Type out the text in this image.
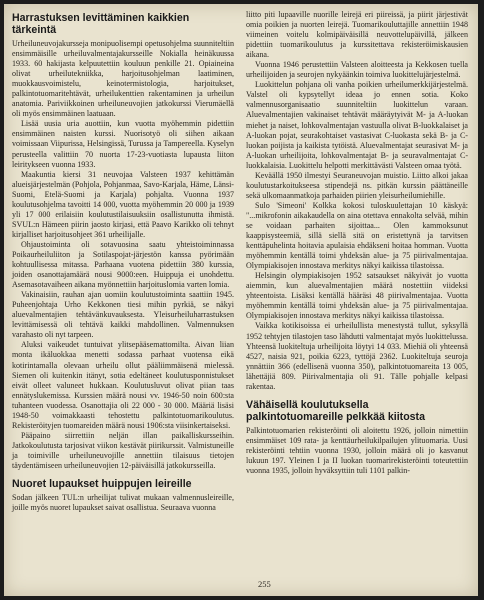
Harrastuksen levittäminen kaikkien tärkeintä

Urheiluneuvojakursseja monipuolisempi opetusohjelma suunniteltiin ensimmäisille urheiluvalmentajakursseille Nokialla heinäkuussa 1933. 60 hakijasta kelpuutettiin kouluun penkille 21. Opiaineina olivat urheilutekniikka, harjoitusohjelman laatiminen, muokkausvoimistelu, keinotermistologia, harjoitukset, palkintotuomaritehtävät, urheilukenttien rakentaminen ja urheilun anatomia. Pariviikkoinen urheiluneuvojien jatkokurssi Vierumäellä oli myös ensimmäinen laatuaan.

Lisää uusia uria auottiin, kun vuotta myöhemmin pidettiin ensimmäinen naisten kurssi. Nuorisotyö oli siihen aikaan voimissaan Viipurissa, Helsingissä, Turussa ja Tampereella. Kyselyn perusteella valittiin 70 nuorta 17-23-vuotiasta lupausta liiton leiritykseen vuonna 1933.

Maakuntia kiersi 31 neuvojaa Valsteen 1937 kehittämän alueisjärjestelmän (Pohjola, Pohjanmaa, Savo-Karjala, Häme, Länsi-Suomi, Etelä-Suomi ja Karjala) pohjalta. Vuonna 1937 koulutusohjelma tavoitti 14 000, vuotta myöhemmin 20 000 ja 1939 yli 17 000 erilaisiin koulutustilaisuuksiin osallistunutta ihmistä. SVUL:n Hämeen piirin jaosto kirjasi, että Paavo Karikko oli tehnyt kirjalliset harjoitusohjeet 361 urheilijalle.

Ohjaustoiminta oli sotavuosina saatu yhteistoiminnassa Poikaurheiluliiton ja Sotilaspojat-järjestön kanssa pyörimään kohtuullisessa mitassa. Parhaana vuotena pidettiin 380 kurssia, joiden osanottajamäärä nousi 9000:een. Huippuja ei unohdettu. Asemasotavaiheen aikana myönnettiin harjoituslomia varten lomia.

Vakinaisiin, rauhan ajan uomiin koulutustoiminta saattiin 1945. Puheenjohtaja Urho Kekkonen tiesi mihin pyrkiä, se näkyi aluevalmentajien tehtävänkuvauksesta. Yleisurheiluharrastuksen levittämisessä oli tehtävä kaikki mahdollinen. Valmennuksen varahasto oli nyt tarpeen.

Aluksi vaikeudet tuntuivat ylitsepääsemattomilta. Aivan liian monta ikäluokkaa menetti sodassa parhaat vuotensa eikä kotirintamalla olevaan urheilu ollut pääliimmäisenä mielessä. Siemen oli kuitenkin itänyt, sotia edeltäneet koulutusponnistukset eivät olleet valuneet hukkaan. Koulutusluvut olivat piian taas ennätyslukemissa. Kurssien määrä nousi vv. 1946-50 noin 600:sta tuhanteen vuodessa. Osanottajia oli 22 000 - 30 000. Määriä lisäsi 1948-50 voimakkaasti tehostettu palkintotuomarikoulutus. Rekisteröityjen tuomareiden määrä nousi 1906:sta viisinkertaiseksi.

Pääpaino siirrettiin neljän illan paikalliskursseihin. Jatkokoulutusta tarjosivat viikon kestävät piirikurssit. Valmistuneille ja toimiville urheiluneuvojille annettiin tilaisuus tietojen täydentämiseen urheiluneuvojien 12-päiväisillä jatkokursseilla.

Nuoret lupaukset huippujen leireille

Sodan jälkeen TUL:n urheilijat tulivat mukaan valmennusleireille, joille myös nuoret lupaukset saivat osallistua. Seuraava vuonna

liitto piti lupaaville nuorille leirejä eri piireissä, ja piirit järjestivät omia poikien ja nuorten leirejä. Tuomarikouluttajille annettiin 1948 viimeinen voitelu kolmipäiväisillä neuvottelupäivillä, jälkeen pidettiin tuomarikoulutus ja kurssitettava rekisteröimiskausien aikana.

Vuonna 1946 perustettiin Valsteen aloitteesta ja Kekkosen tuella urheilijoiden ja seurojen nykyäänkin toimiva luokittelujärjestelmä.

Luokittelun pohjana oli vanha poikien urheilumerkkijärjestelmä. Valstel oli kypsytellyt ideaa jo ennen sotia. Koko valmennusorganisaatio suunniteltiin luokittelun varaan. Aluevalmentajien vakinaiset tehtävät määräytyivät M- ja A-luokan miehet ja naiset, lohkovalmentajan vastuulla olivat B-luokkalaiset ja A-luokan pojat, seurakohtaiset vastasivat C-luokasta sekä B- ja C-luokan poijista ja kaikista tytöistä. Aluevalmentajat seurasivat M- ja A-luokan urheilijoita, lohkovalmentajat B- ja seuravalmentajat C-luokkalaisia. Luokittelu helpotti merkittävästi Valsteen omaa työtä.

Keväällä 1950 ilmestyi Seuraneuvojan muistio. Liitto alkoi jakaa koulutustarkoitukseesa stipendejä ns. pitkän kurssin päättäneille sekä ulkomaanmatkoja parhaiden piirien yleisurheilumiehille.

Sulo 'Simeoni' Kolkka kokosi tuloskuulettajan 10 käskyä: "...mikrofonin aikakaudella on aina otettava ennakolta selvää, mihin se voidaan parhaiten sijoittaa... Olen kammoksunut kaappisysteemiä, sillä siellä sitä on eristettynä ja tarvitsen kenttäpuhelinta hoitavia apulaisia ehdäkseni hoitaa homman. Vuotta myöhemmin kentällä toimi yhdeksän alue- ja 75 piirivalmentajaa. Olympiakisojen innostava merkitys näkyi kaikissa tilastoissa.

Helsingin olympiakisojen 1952 satsaukset näkyivät jo vuotta aiemmin, kun aluevalmentajien määrä nostettiin viideksi yhteentoista. Lisäksi kentällä hääräsi 48 piirivalmentajaa. Vuotta myöhemmin kentällä toimi yhdeksän alue- ja 75 piirivalmentajaa. Olympiakisojen innostava merkitys näkyi kaikissa tilastoissa.

Vaikka kotikisoissa ei urheilullista menestystä tullut, syksyllä 1952 tehtyjen tilastojen taso lähdutti valmentajat myös luokittelussa. Yhteensä luokiteltuja urheilijoita löytyi 14 033. Miehiä oli yhteensä 4527, naisia 921, poikia 6223, tyttöjä 2362. Luokiteltuja seuroja ynnättiin 366 (edellisenä vuonna 350), palkintotuomareita 13 005, lähettäjiä 809. Piirivalmentajia oli 91. Tälle pohjalle kelpasi rakentaa.

Vähäisellä koulutuksella palkintotuomareille pelkkää kiitosta

Palkintotuomarien rekisteröinti oli aloitettu 1926, jolloin nimettiin ensimmäiset 109 rata- ja kenttäurheilukilpailujen ylituomaria. Uusi rekisteröinti tehtiin vuonna 1930, jolloin määrä oli jo kasvanut lukuun 197. Yleinen I ja II luokan tuomarirekisteröinti toteutettiin vuonna 1935, jolloin hyväksyttiin tuli 1101 palkin-

255
